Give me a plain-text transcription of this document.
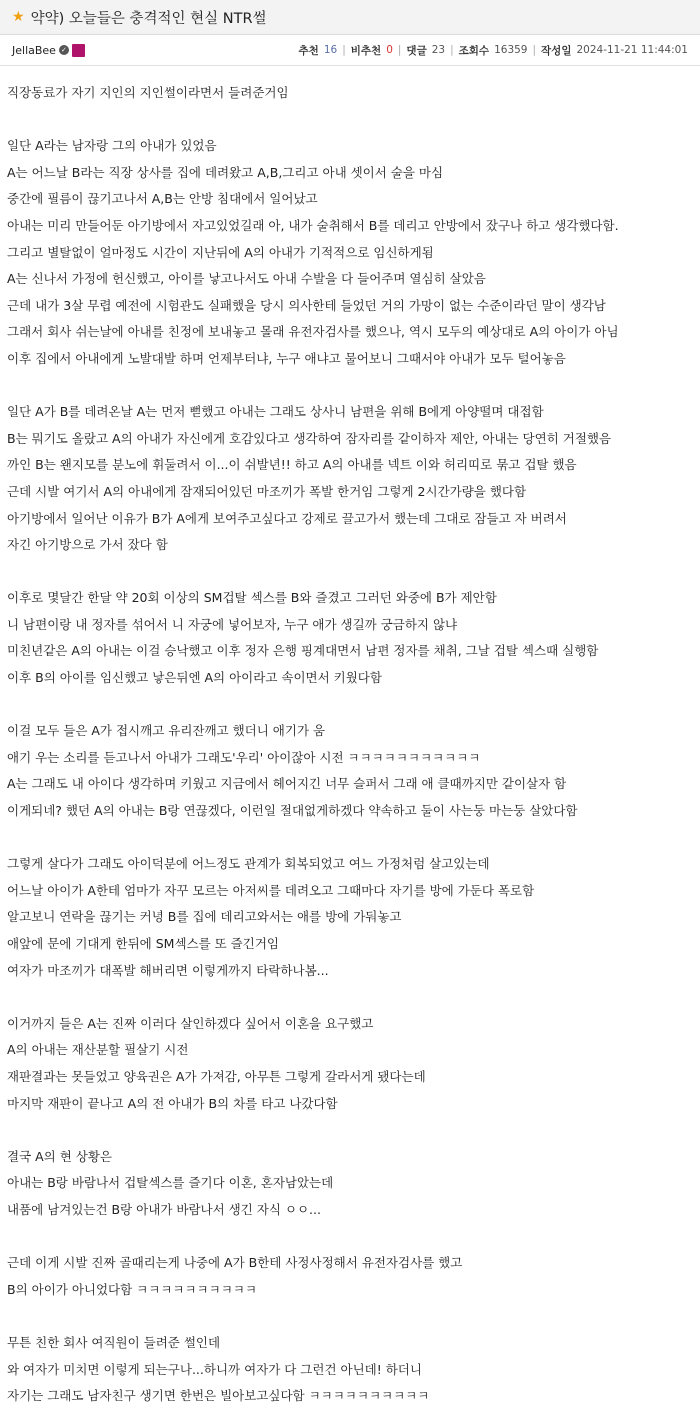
★ 약약) 오늘들은 충격적인 현실 NTR썰
JellaBee ✓	추천 16 | 비추천 0 | 댓글 23 | 조회수 16359 | 작성일 2024-11-21 11:44:01

직장동료가 자기 지인의 지인썰이라면서 들려준거임

일단 A라는 남자랑 그의 아내가 있었음

A는 어느날 B라는 직장 상사를 집에 데려왔고 A,B,그리고 아내 셋이서 술을 마심

중간에 필름이 끊기고나서 A,B는 안방 침대에서 일어났고

아내는 미리 만들어둔 아기방에서 자고있었길래 아, 내가 술취해서 B를 데리고 안방에서 잤구나 하고 생각했다함.

그리고 별탈없이 얼마정도 시간이 지난뒤에 A의 아내가 기적적으로 임신하게됨

A는 신나서 가정에 헌신했고, 아이를 낳고나서도 아내 수발을 다 들어주며 열심히 살았음

근데 내가 3살 무렵 예전에 시험관도 실패했을 당시 의사한테 들었던 거의 가망이 없는 수준이라던 말이 생각남

그래서 회사 쉬는날에 아내를 친정에 보내놓고 몰래 유전자검사를 했으나, 역시 모두의 예상대로 A의 아이가 아님

이후 집에서 아내에게 노발대발 하며 언제부터냐, 누구 애냐고 물어보니 그때서야 아내가 모두 털어놓음

일단 A가 B를 데려온날 A는 먼저 뻗했고 아내는 그래도 상사니 남편을 위해 B에게 아양떨며 대접함

B는 뭐기도 올랐고 A의 아내가 자신에게 호감있다고 생각하여 잠자리를 같이하자 제안, 아내는 당연히 거절했음

까인 B는 왠지모를 분노에 휘둘려서 이...이 쉬발년!! 하고 A의 아내를 넥트 이와 허리띠로 묶고 겁탈 했음

근데 시발 여기서 A의 아내에게 잠재되어있던 마조끼가 폭발 한거임 그렇게 2시간가량을 했다함

아기방에서 일어난 이유가 B가 A에게 보여주고싶다고 강제로 끌고가서 했는데 그대로 잠들고 자 버려서

자긴 아기방으로 가서 잤다 함

이후로 몇달간 한달 약 20회 이상의 SM겁탈 섹스를 B와 즐겼고 그러던 와중에 B가 제안함

니 남편이랑 내 정자를 섞어서 니 자궁에 넣어보자, 누구 애가 생길까 궁금하지 않냐

미친년같은 A의 아내는 이걸 승낙했고 이후 정자 은행 핑계대면서 남편 정자를 채취, 그날 겁탈 섹스때 실행함

이후 B의 아이를 임신했고 낳은뒤엔 A의 아이라고 속이면서 키웠다함

이걸 모두 들은 A가 접시깨고 유리잔깨고 했더니 애기가 움

애기 우는 소리를 듣고나서 아내가 그래도'우리' 아이잖아 시전 ㅋㅋㅋㅋㅋㅋㅋㅋㅋㅋㅋ

A는 그래도 내 아이다 생각하며 키웠고 지금에서 헤어지긴 너무 슬퍼서 그래 애 클때까지만 같이살자 함

이게되네? 했던 A의 아내는 B랑 연끊겠다, 이런일 절대없게하겠다 약속하고 둘이 사는둥 마는둥 살았다함

그렇게 살다가 그래도 아이덕분에 어느정도 관계가 회복되었고 여느 가정처럼 살고있는데

어느날 아이가 A한테 엄마가 자꾸 모르는 아저씨를 데려오고 그때마다 자기를 방에 가둔다 폭로함

알고보니 연락을 끊기는 커녕 B를 집에 데리고와서는 애를 방에 가둬놓고

애앞에 문에 기대게 한뒤에 SM섹스를 또 즐긴거임

여자가 마조끼가 대폭발 해버리면 이렇게까지 타락하나봄...

이거까지 들은 A는 진짜 이러다 살인하겠다 싶어서 이혼을 요구했고

A의 아내는 재산분할 필살기 시전

재판결과는 못들었고 양육권은 A가 가져감, 아무튼 그렇게 갈라서게 됐다는데

마지막 재판이 끝나고 A의 전 아내가 B의 차를 타고 나갔다함

결국 A의 현 상황은

아내는 B랑 바람나서 겁탈섹스를 즐기다 이혼, 혼자남았는데

내품에 남겨있는건 B랑 아내가 바람나서 생긴 자식 ㅇㅇ...

근데 이게 시발 진짜 골때리는게 나중에 A가 B한테 사정사정해서 유전자검사를 했고

B의 아이가 아니었다함 ㅋㅋㅋㅋㅋㅋㅋㅋㅋㅋ

무튼 친한 회사 여직원이 들려준 썰인데

와 여자가 미치면 이렇게 되는구나...하니까 여자가 다 그런건 아닌데! 하더니

자기는 그래도 남자친구 생기면 한번은 빌아보고싶다함 ㅋㅋㅋㅋㅋㅋㅋㅋㅋㅋ
